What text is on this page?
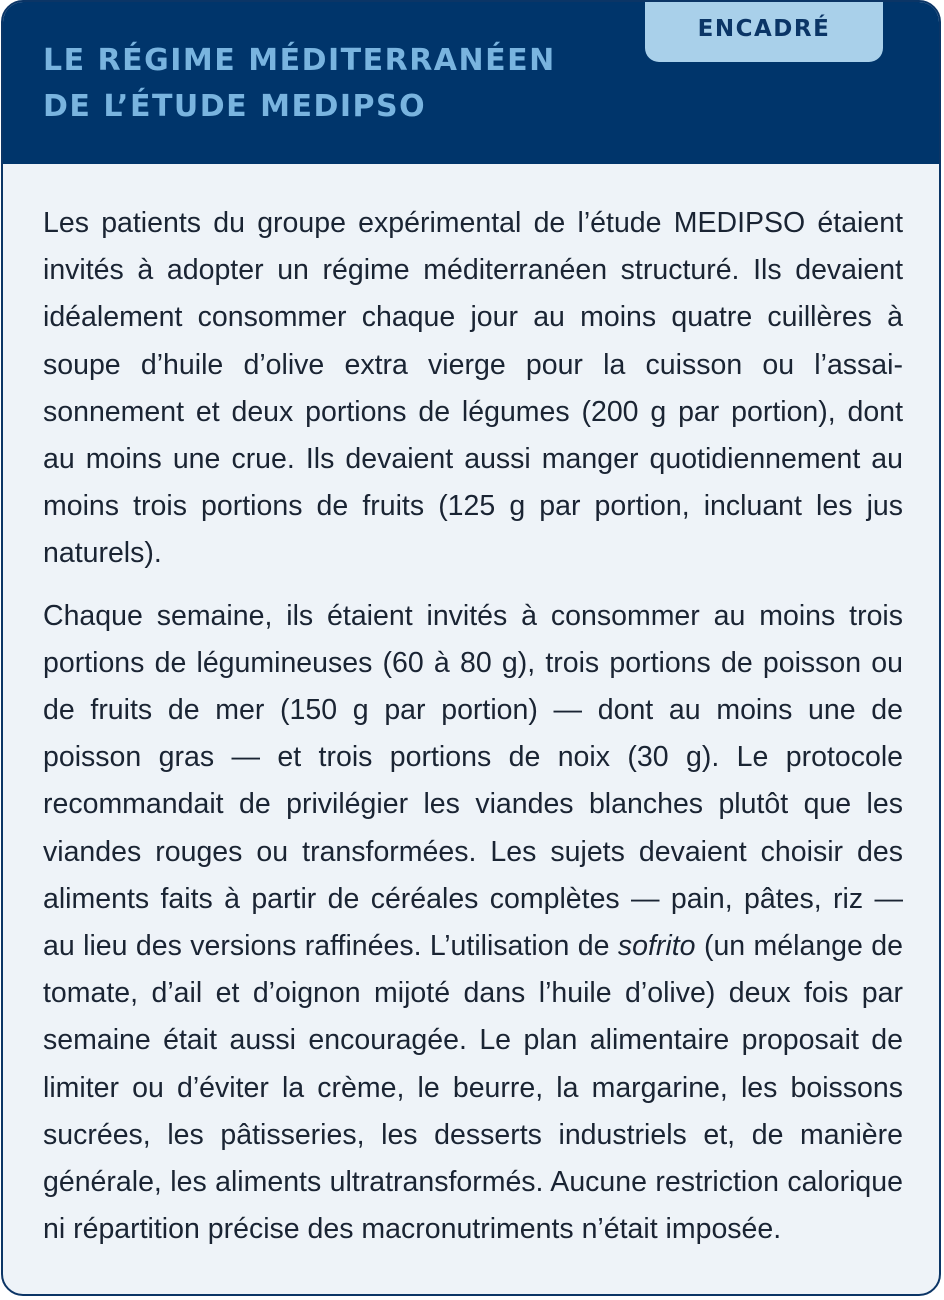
LE RÉGIME MÉDITERRANÉEN
DE L’ÉTUDE MEDIPSO
ENCADRÉ

Les patients du groupe expérimental de l’étude MEDIPSO étaient invités à adopter un régime méditerranéen structuré. Ils devaient idéalement consommer chaque jour au moins quatre cuillères à soupe d’huile d’olive extra vierge pour la cuisson ou l’assaisonnement et deux portions de légumes (200 g par portion), dont au moins une crue. Ils devaient aussi manger quotidiennement au moins trois portions de fruits (125 g par portion, incluant les jus naturels).

Chaque semaine, ils étaient invités à consommer au moins trois portions de légumineuses (60 à 80 g), trois portions de poisson ou de fruits de mer (150 g par portion) — dont au moins une de poisson gras — et trois portions de noix (30 g). Le protocole recommandait de privilégier les viandes blanches plutôt que les viandes rouges ou transformées. Les sujets devaient choisir des aliments faits à partir de céréales complètes — pain, pâtes, riz — au lieu des versions raffinées. L’utilisation de sofrito (un mélange de tomate, d’ail et d’oignon mijoté dans l’huile d’olive) deux fois par semaine était aussi encouragée. Le plan alimentaire proposait de limiter ou d’éviter la crème, le beurre, la margarine, les boissons sucrées, les pâtisseries, les desserts industriels et, de manière générale, les aliments ultratransformés. Aucune restriction calorique ni répartition précise des macronutriments n’était imposée.
